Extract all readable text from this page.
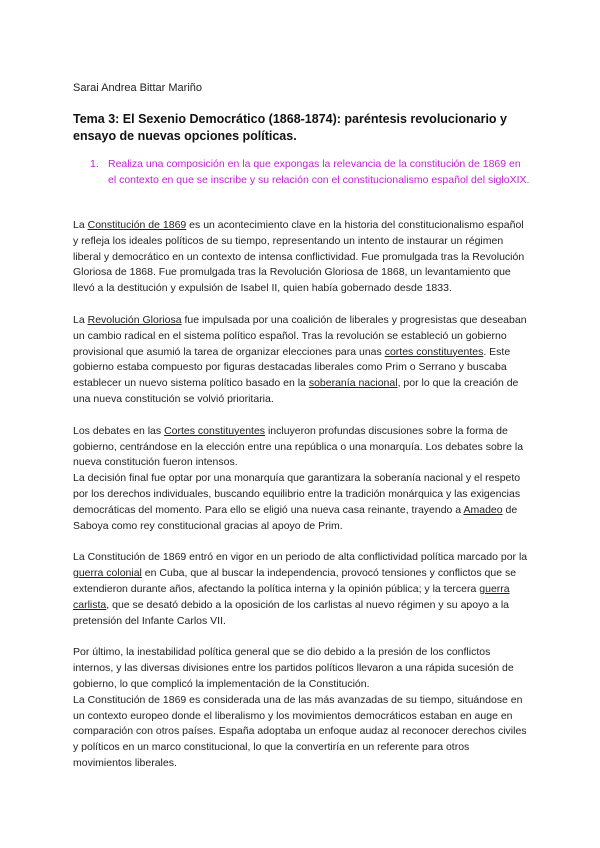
Sarai Andrea Bittar Mariño
Tema 3: El Sexenio Democrático (1868-1874): paréntesis revolucionario y ensayo de nuevas opciones políticas.
1. Realiza una composición en la que expongas la relevancia de la constitución de 1869 en el contexto en que se inscribe y su relación con el constitucionalismo español del sigloXIX.

La Constitución de 1869 es un acontecimiento clave en la historia del constitucionalismo español y refleja los ideales políticos de su tiempo, representando un intento de instaurar un régimen liberal y democrático en un contexto de intensa conflictividad. Fue promulgada tras la Revolución Gloriosa de 1868. Fue promulgada tras la Revolución Gloriosa de 1868, un levantamiento que llevó a la destitución y expulsión de Isabel II, quien había gobernado desde 1833.

La Revolución Gloriosa fue impulsada por una coalición de liberales y progresistas que deseaban un cambio radical en el sistema político español. Tras la revolución se estableció un gobierno provisional que asumió la tarea de organizar elecciones para unas cortes constituyentes. Este gobierno estaba compuesto por figuras destacadas liberales como Prim o Serrano y buscaba establecer un nuevo sistema político basado en la soberanía nacional, por lo que la creación de una nueva constitución se volvió prioritaria.

Los debates en las Cortes constituyentes incluyeron profundas discusiones sobre la forma de gobierno, centrándose en la elección entre una república o una monarquía. Los debates sobre la nueva constitución fueron intensos.

La decisión final fue optar por una monarquía que garantizara la soberanía nacional y el respeto por los derechos individuales, buscando equilibrio entre la tradición monárquica y las exigencias democráticas del momento. Para ello se eligió una nueva casa reinante, trayendo a Amadeo de Saboya como rey constitucional gracias al apoyo de Prim.

La Constitución de 1869 entró en vigor en un periodo de alta conflictividad política marcado por la guerra colonial en Cuba, que al buscar la independencia, provocó tensiones y conflictos que se extendieron durante años, afectando la política interna y la opinión pública; y la tercera guerra carlista, que se desató debido a la oposición de los carlistas al nuevo régimen y su apoyo a la pretensión del Infante Carlos VII.

Por último, la inestabilidad política general que se dio debido a la presión de los conflictos internos, y las diversas divisiones entre los partidos políticos llevaron a una rápida sucesión de gobierno, lo que complicó la implementación de la Constitución.

La Constitución de 1869 es considerada una de las más avanzadas de su tiempo, situándose en un contexto europeo donde el liberalismo y los movimientos democráticos estaban en auge en comparación con otros países. España adoptaba un enfoque audaz al reconocer derechos civiles y políticos en un marco constitucional, lo que la convertiría en un referente para otros movimientos liberales.
